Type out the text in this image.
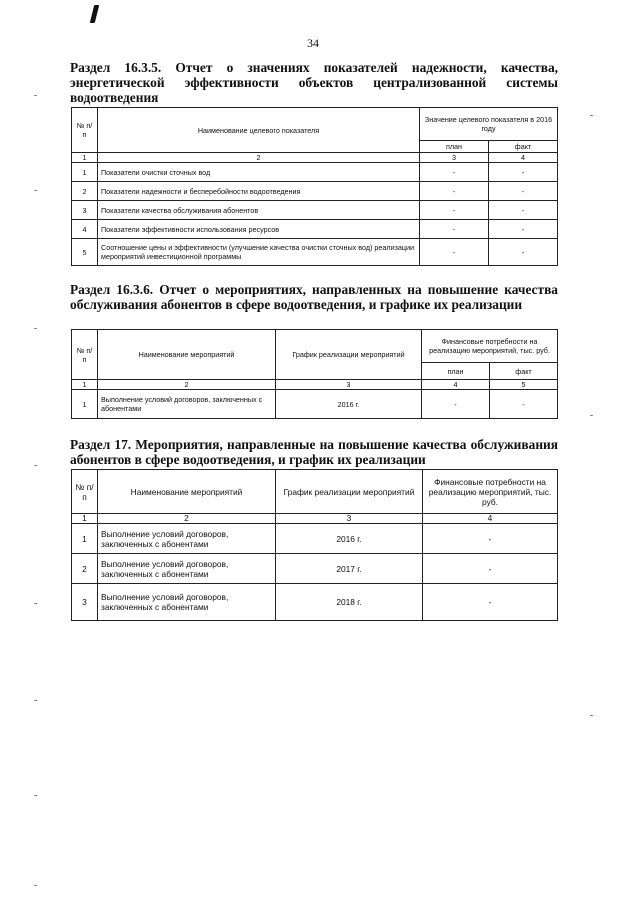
34
Раздел 16.3.5. Отчет о значениях показателей надежности, качества, энергетической эффективности объектов централизованной системы водоотведения
№ п/п	Наименование целевого показателя	Значение целевого показателя в 2016 году	
		план	факт
1	2	3	4
1	Показатели очистки сточных вод	-	-
2	Показатели надежности и бесперебойности водоотведения	-	-
3	Показатели качества обслуживания абонентов	-	-
4	Показатели эффективности использования ресурсов	-	-
5	Соотношение цены и эффективности (улучшение качества очистки сточных вод) реализации мероприятий инвестиционной программы	-	-
Раздел 16.3.6. Отчет о мероприятиях, направленных на повышение качества обслуживания абонентов в сфере водоотведения, и графике их реализации
№ п/п	Наименование мероприятий	График реализации мероприятий	Финансовые потребности на реализацию мероприятий, тыс. руб.	
			план	факт
1	2	3	4	5
1	Выполнение условий договоров, заключенных с абонентами	2016 г.	-	-
Раздел 17. Мероприятия, направленные на повышение качества обслуживания абонентов в сфере водоотведения, и график их реализации
№ п/п	Наименование мероприятий	График реализации мероприятий	Финансовые потребности на реализацию мероприятий, тыс. руб.
1	2	3	4
1	Выполнение условий договоров, заключенных с абонентами	2016 г.	-
2	Выполнение условий договоров, заключенных с абонентами	2017 г.	-
3	Выполнение условий договоров, заключенных с абонентами	2018 г.	-
